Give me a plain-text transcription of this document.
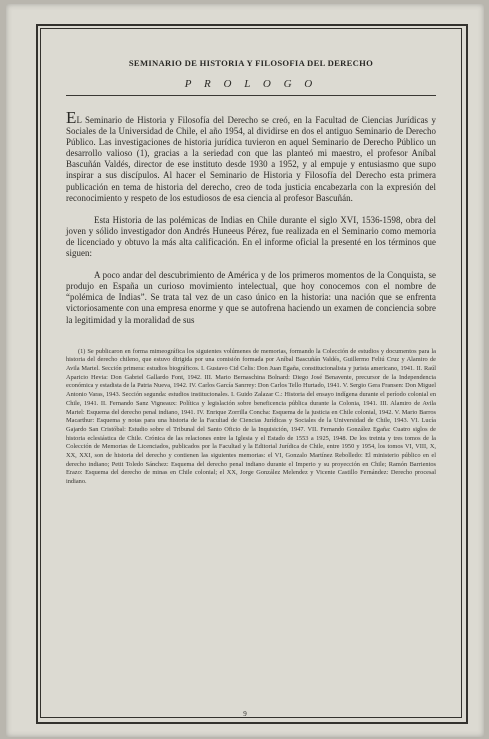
SEMINARIO DE HISTORIA Y FILOSOFIA DEL DERECHO
P R O L O G O

EL Seminario de Historia y Filosofía del Derecho se creó, en la Facultad de Ciencias Jurídicas y Sociales de la Universidad de Chile, el año 1954, al dividirse en dos el antiguo Seminario de Derecho Público. Las investigaciones de historia jurídica tuvieron en aquel Seminario de Derecho Público un desarrollo valioso (1), gracias a la seriedad con que las planteó mi maestro, el profesor Aníbal Bascuñán Valdés, director de ese instituto desde 1930 a 1952, y al empuje y entusiasmo que supo inspirar a sus discípulos. Al hacer el Seminario de Historia y Filosofía del Derecho esta primera publicación en tema de historia del derecho, creo de toda justicia encabezarla con la expresión del reconocimiento y respeto de los estudiosos de esa ciencia al profesor Bascuñán.

Esta Historia de las polémicas de Indias en Chile durante el siglo XVI, 1536-1598, obra del joven y sólido investigador don Andrés Huneeus Pérez, fue realizada en el Seminario como memoria de licenciado y obtuvo la más alta calificación. En el informe oficial la presenté en los términos que siguen:

A poco andar del descubrimiento de América y de los primeros momentos de la Conquista, se produjo en España un curioso movimiento intelectual, que hoy conocemos con el nombre de “polémica de Indias”. Se trata tal vez de un caso único en la historia: una nación que se enfrenta victoriosamente con una empresa enorme y que se autofrena haciendo un examen de conciencia sobre la legitimidad y la moralidad de sus

(1) Se publicaron en forma mimeográfica los siguientes volúmenes de memorias, formando la Colección de estudios y documentos para la historia del derecho chileno, que estuvo dirigida por una comisión formada por Aníbal Bascuñán Valdés, Guillermo Feliú Cruz y Alamiro de Avila Martel. Sección primera: estudios biográficos. I. Gustavo Cid Celis: Don Juan Egaña, constitucionalista y jurista americano, 1941. II. Raúl Aparicio Hevia: Don Gabriel Gallardo Font, 1942. III. Mario Bernaschina Bolnard: Diego José Benavente, precursor de la Independencia económica y estadista de la Patria Nueva, 1942. IV. Carlos García Sanrrey: Don Carlos Tello Hurtado, 1941. V. Sergio Gera Fransen: Don Miguel Antonio Varas, 1943. Sección segunda: estudios institucionales. I. Guido Zalazar C.: Historia del ensayo indígena durante el período colonial en Chile, 1941. II. Fernando Sanz Vigneaux: Política y legislación sobre beneficencia pública durante la Colonia, 1941. III. Alamiro de Avila Martel: Esquema del derecho penal indiano, 1941. IV. Enrique Zorrilla Concha: Esquema de la justicia en Chile colonial, 1942. V. Mario Barros Macarthur: Esquema y notas para una historia de la Facultad de Ciencias Jurídicas y Sociales de la Universidad de Chile, 1943. VI. Lucía Gajardo San Cristóbal: Estudio sobre el Tribunal del Santo Oficio de la Inquisición, 1947. VII. Fernando González Egaña: Cuatro siglos de historia eclesiástica de Chile. Crónica de las relaciones entre la Iglesia y el Estado de 1553 a 1925, 1948. De los treinta y tres tomos de la Colección de Memorias de Licenciados, publicados por la Facultad y la Editorial Jurídica de Chile, entre 1950 y 1954, los tomos VI, VIII, X, XX, XXI, son de historia del derecho y contienen las siguientes memorias: el VI, Gonzalo Martínez Rebolledo: El ministerio público en el derecho indiano; Petit Toledo Sánchez: Esquema del derecho penal indiano durante el Imperio y su proyección en Chile; Ramón Barrientos Erazo: Esquema del derecho de minas en Chile colonial; el XX, Jorge González Melendez y Vicente Castillo Fernández: Derecho procesal indiano.

9
